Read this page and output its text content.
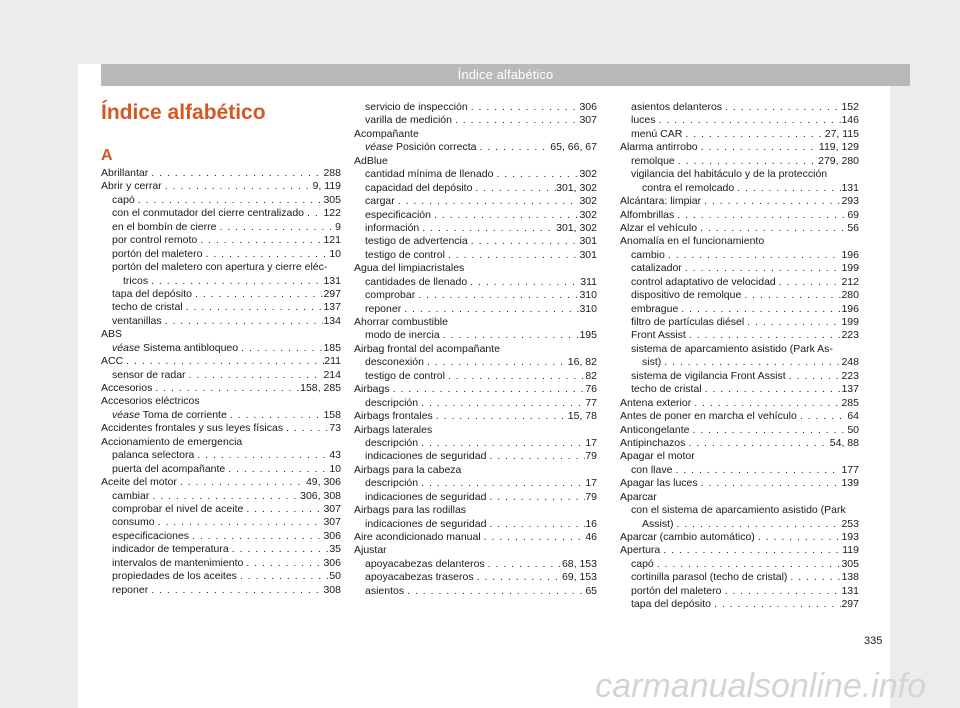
Índice alfabético
Índice alfabético
A
Abrillantar . . .	288
Abrir y cerrar . . .	9, 119
capó . . .	305
con el conmutador del cierre centralizado . . . 122
en el bombín de cierre . . .	9
por control remoto . . .	121
portón del maletero . . .	10
portón del maletero con apertura y cierre eléc-
tricos . . .	131
tapa del depósito . . .	297
techo de cristal . . .	137
ventanillas . . .	134
ABS
véase Sistema antibloqueo . . .	185
ACC . . .	211
sensor de radar . . .	214
Accesorios . . .	158, 285
Accesorios eléctricos
véase Toma de corriente . . .	158
Accidentes frontales y sus leyes físicas . . .	73
Accionamiento de emergencia
palanca selectora . . .	43
puerta del acompañante . . .	10
Aceite del motor . . .	49, 306
cambiar . . .	306, 308
comprobar el nivel de aceite . . .	307
consumo . . .	307
especificaciones . . .	306
indicador de temperatura . . .	35
intervalos de mantenimiento . . .	306
propiedades de los aceites . . .	50
reponer . . .	308
servicio de inspección . . .	306
varilla de medición . . .	307
Acompañante
véase Posición correcta . . .	65, 66, 67
AdBlue
cantidad mínima de llenado . . .	302
capacidad del depósito . . .	301, 302
cargar . . .	302
especificación . . .	302
información . . .	301, 302
testigo de advertencia . . .	301
testigo de control . . .	301
Agua del limpiacristales
cantidades de llenado . . .	311
comprobar . . .	310
reponer . . .	310
Ahorrar combustible
modo de inercia . . .	195
Airbag frontal del acompañante
desconexión . . .	16, 82
testigo de control . . .	82
Airbags . . .	76
descripción . . .	77
Airbags frontales . . .	15, 78
Airbags laterales
descripción . . .	17
indicaciones de seguridad . . .	79
Airbags para la cabeza
descripción . . .	17
indicaciones de seguridad . . .	79
Airbags para las rodillas
indicaciones de seguridad . . .	16
Aire acondicionado manual . . .	46
Ajustar
apoyacabezas delanteros . . .	68, 153
apoyacabezas traseros . . .	69, 153
asientos . . .	65
asientos delanteros . . .	152
luces . . .	146
menú CAR . . .	27, 115
Alarma antirrobo . . .	119, 129
remolque . . .	279, 280
vigilancia del habitáculo y de la protección
contra el remolcado . . .	131
Alcántara: limpiar . . .	293
Alfombrillas . . .	69
Alzar el vehículo . . .	56
Anomalía en el funcionamiento
cambio . . .	196
catalizador . . .	199
control adaptativo de velocidad . . .	212
dispositivo de remolque . . .	280
embrague . . .	196
filtro de partículas diésel . . .	199
Front Assist . . .	223
sistema de aparcamiento asistido (Park As-
sist) . . .	248
sistema de vigilancia Front Assist . . .	223
techo de cristal . . .	137
Antena exterior . . .	285
Antes de poner en marcha el vehículo . . .	64
Anticongelante . . .	50
Antipinchazos . . .	54, 88
Apagar el motor
con llave . . .	177
Apagar las luces . . .	139
Aparcar
con el sistema de aparcamiento asistido (Park
Assist) . . .	253
Aparcar (cambio automático) . . .	193
Apertura . . .	119
capó . . .	305
cortinilla parasol (techo de cristal) . . .	138
portón del maletero . . .	131
tapa del depósito . . .	297
335
carmanualsonline.info
